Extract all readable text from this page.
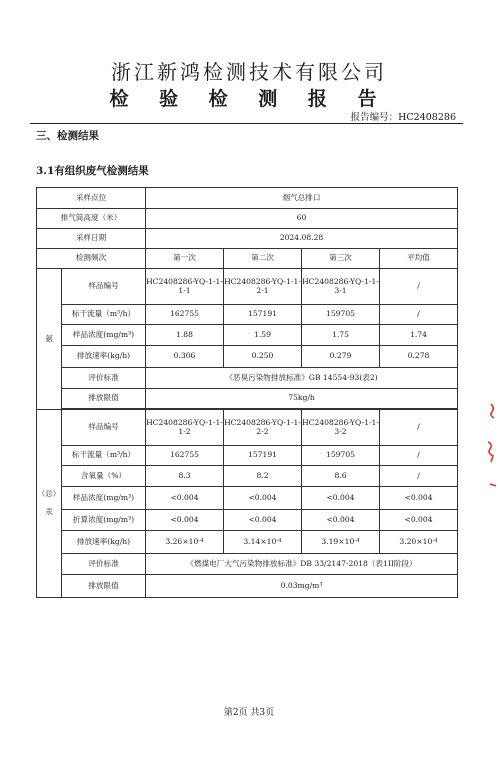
浙江新鸿检测技术有限公司
检 验 检 测 报 告
报告编号：HC2408286
三、检测结果
3.1有组织废气检测结果
采样点位		烟气总排口			
排气筒高度（米）		60			
采样日期		2024.08.28			
检测频次		第一次	第二次	第三次	平均值
氨	样品编号	HC2408286-YQ-1-1-1-1	HC2408286-YQ-1-1-2-1	HC2408286-YQ-1-1-3-1	/
	标干流量（m³/h）	162755	157191	159705	/
	样品浓度(mg/m³)	1.88	1.59	1.75	1.74
	排放速率(kg/h)	0.306	0.250	0.279	0.278
	评价标准	《恶臭污染物排放标准》GB 14554-93(表2)			
	排放限值	75kg/h			

（总）

汞	样品编号	HC2408286-YQ-1-1-1-2	HC2408286-YQ-1-1-2-2	HC2408286-YQ-1-1-3-2	/
	标干流量（m³/h）	162755	157191	159705	/
	含氧量（%）	8.3	8.2	8.6	/
	样品浓度(mg/m³)	<0.004	<0.004	<0.004	<0.004
	折算浓度(mg/m³)	<0.004	<0.004	<0.004	<0.004
	排放速率(kg/h)	$3.26\times 10^{-4}$	$3.14\times 10^{-4}$	$3.19\times 10^{-4}$	$3.20\times 10^{-4}$
	评价标准	《燃煤电厂大气污染物排放标准》DB 33/2147-2018（表1II阶段）			
	排放限值	0.03mg/m³			
第2页 共3页
